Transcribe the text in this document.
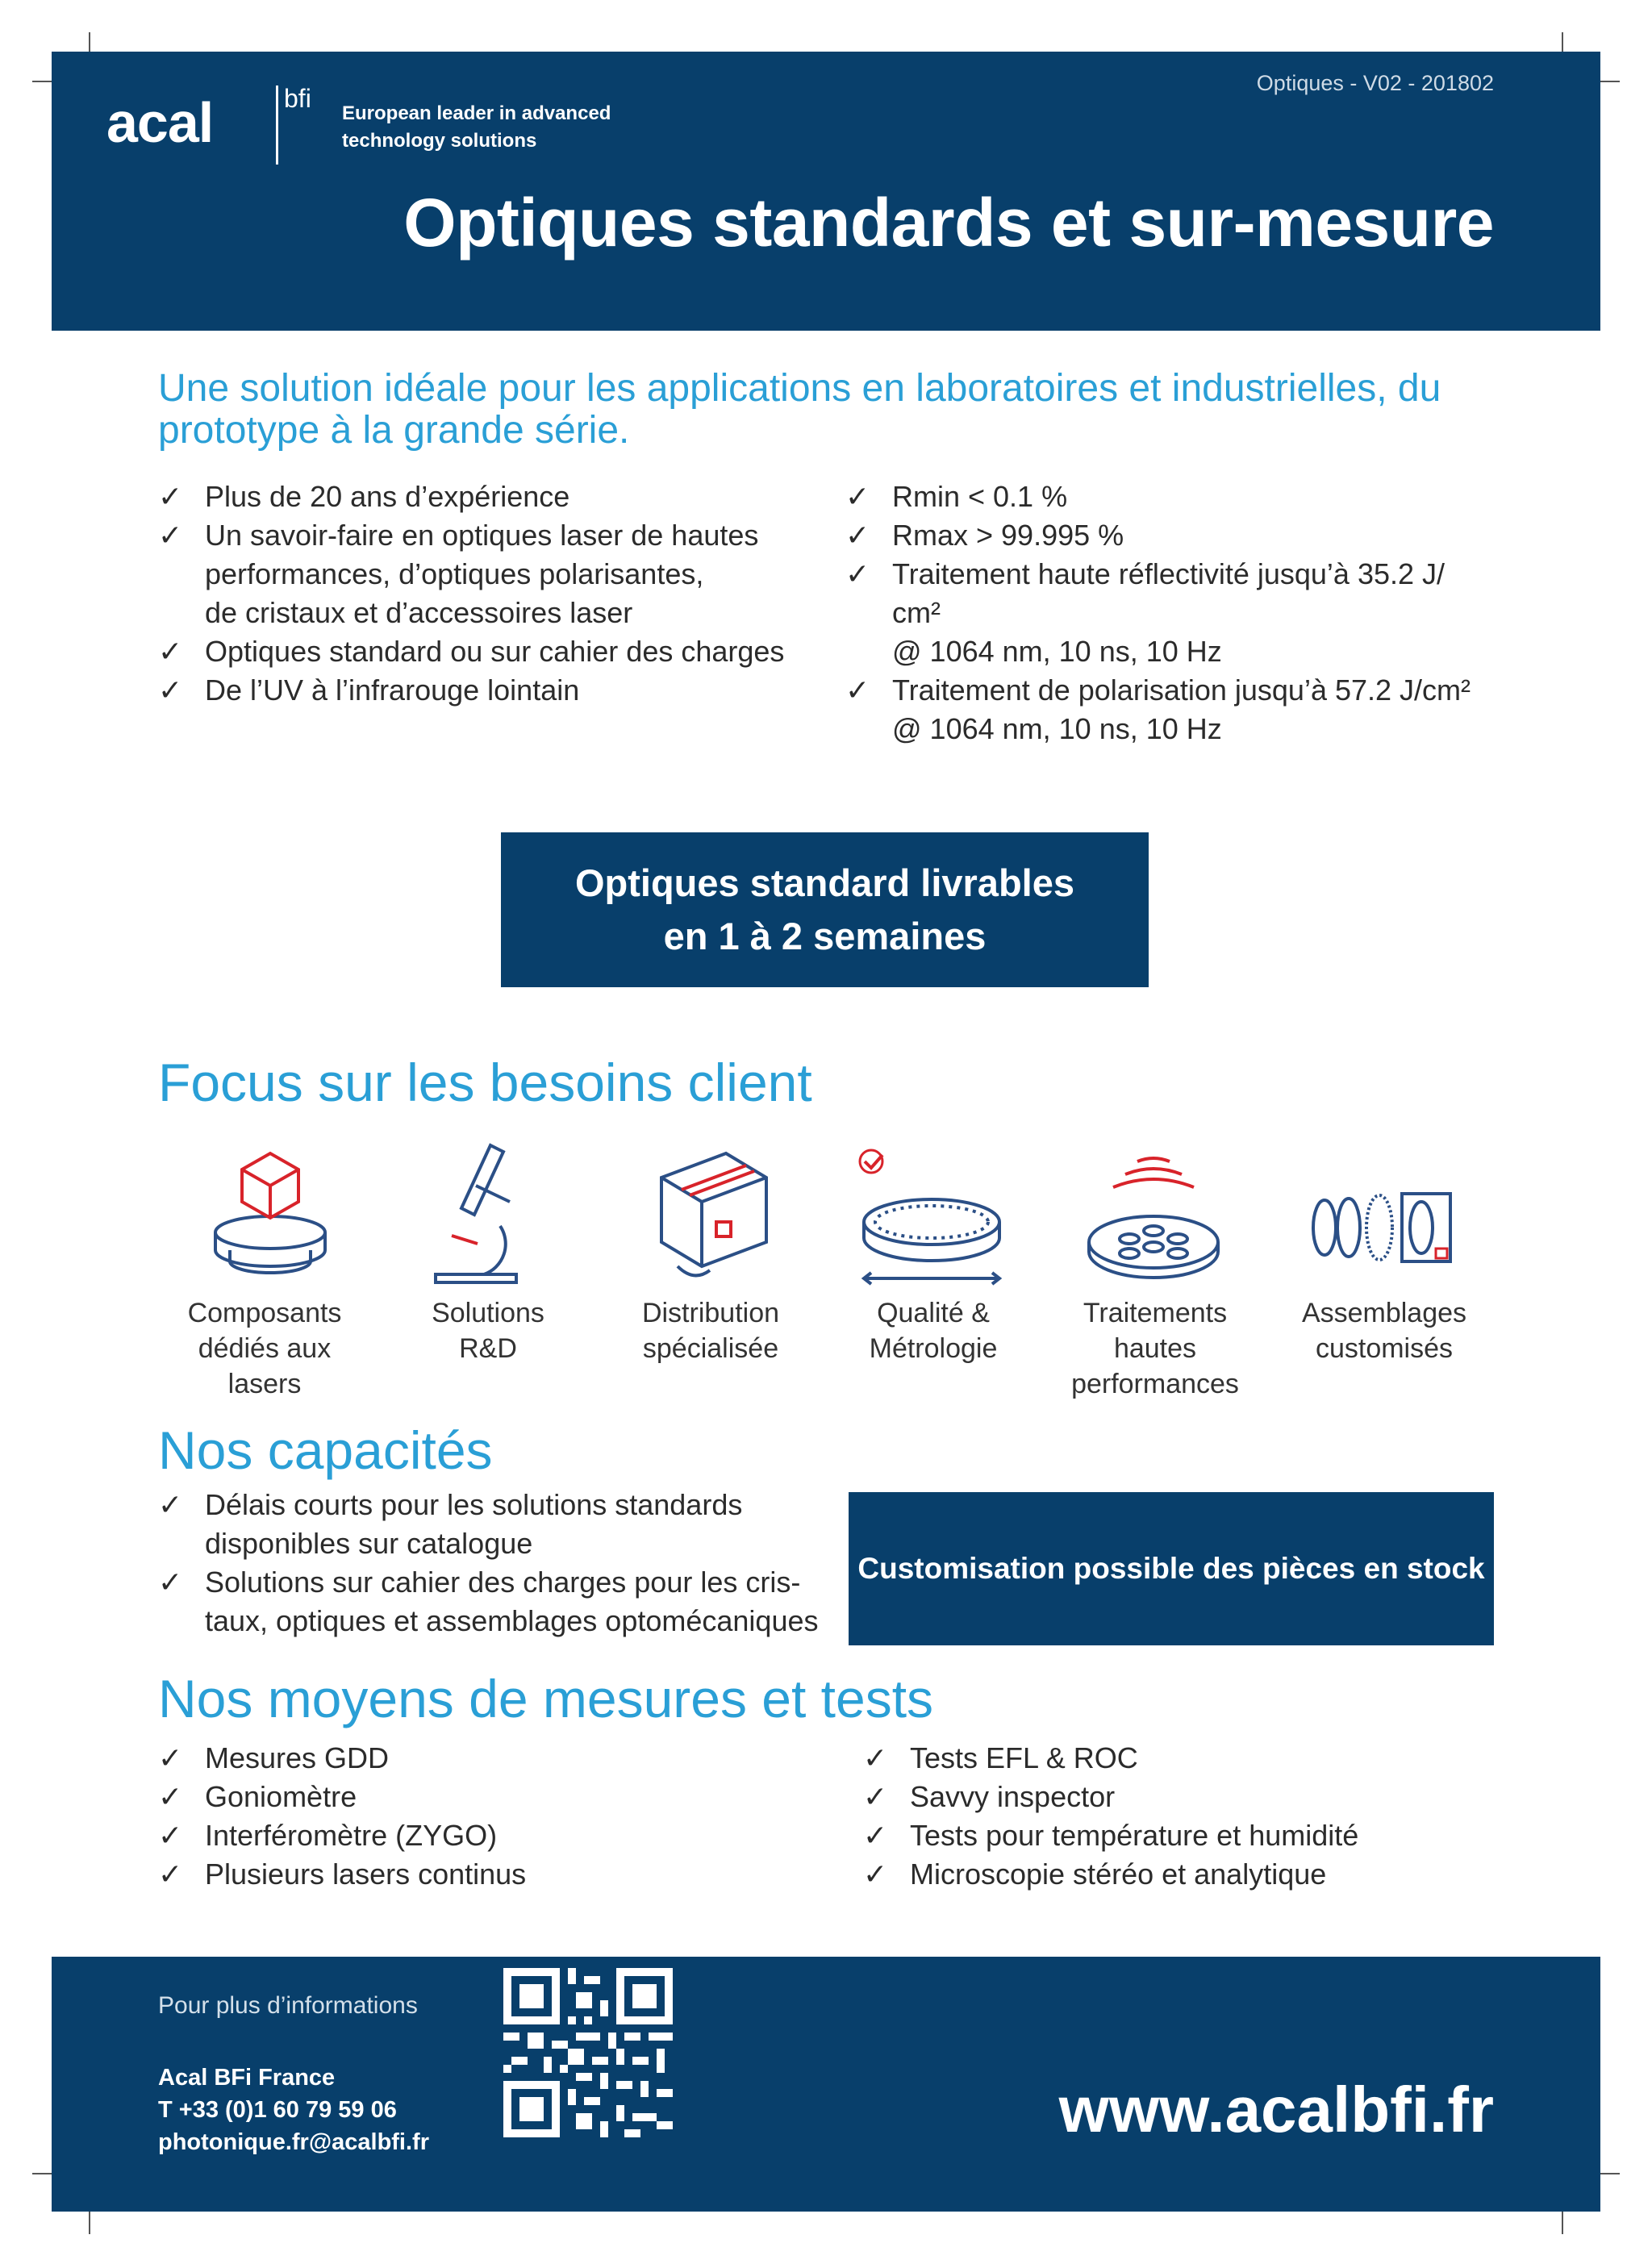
acal	bfi
European leader in advanced
technology solutions
Optiques - V02 - 201802
Optiques standards et sur-mesure
Une solution idéale pour les applications en laboratoires et industrielles, du prototype à la grande série.
✓ Plus de 20 ans d’expérience
✓ Un savoir-faire en optiques laser de hautes
performances, d’optiques polarisantes,
de cristaux et d’accessoires laser
✓ Optiques standard ou sur cahier des charges
✓ De l’UV à l’infrarouge lointain
✓ Rmin < 0.1 %
✓ Rmax > 99.995 %
✓ Traitement haute réflectivité jusqu’à 35.2 J/
cm²
@ 1064 nm, 10 ns, 10 Hz
✓ Traitement de polarisation jusqu’à 57.2 J/cm²
@ 1064 nm, 10 ns, 10 Hz
Optiques standard livrables
en 1 à 2 semaines
Focus sur les besoins client
Composants
dédiés aux
lasers
Solutions
R&D
Distribution
spécialisée
Qualité &
Métrologie
Traitements
hautes
performances
Assemblages
customisés
Nos capacités
✓ Délais courts pour les solutions standards
disponibles sur catalogue
✓ Solutions sur cahier des charges pour les cris-
taux, optiques et assemblages optomécaniques
Customisation possible des pièces en stock
Nos moyens de mesures et tests
✓ Mesures GDD
✓ Goniomètre
✓ Interféromètre (ZYGO)
✓ Plusieurs lasers continus
✓ Tests EFL & ROC
✓ Savvy inspector
✓ Tests pour température et humidité
✓ Microscopie stéréo et analytique
Pour plus d’informations
Acal BFi France
T +33 (0)1 60 79 59 06
photonique.fr@acalbfi.fr	www.acalbfi.fr
